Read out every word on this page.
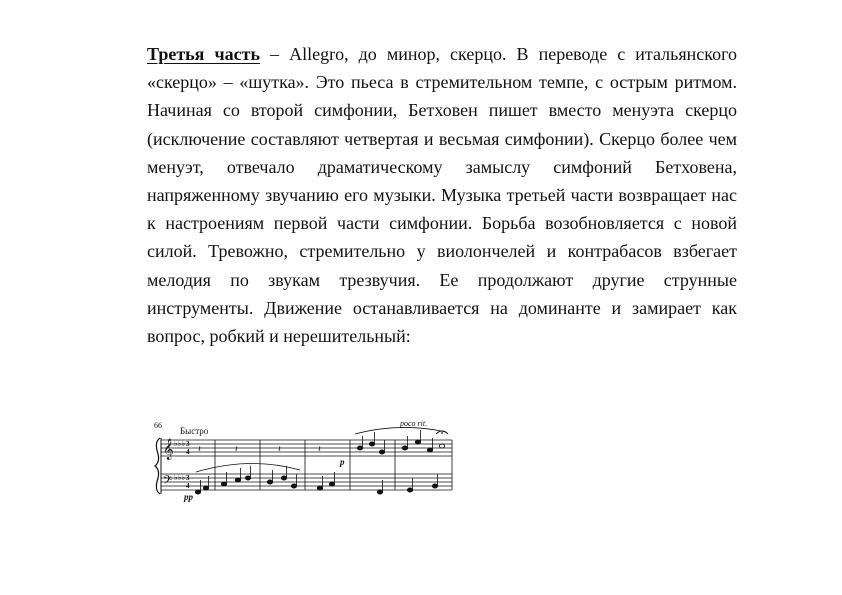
Третья часть – Allegro, до минор, скерцо. В переводе с итальянского «скерцо» – «шутка». Это пьеса в стремительном темпе, с острым ритмом. Начиная со второй симфонии, Бетховен пишет вместо менуэта скерцо (исключение составляют четвертая и весьмая симфонии). Скерцо более чем менуэт, отвечало драматическому замыслу симфоний Бетховена, напряженному звучанию его музыки. Музыка третьей части возвращает нас к настроениям первой части симфонии. Борьба возобновляется с новой силой. Тревожно, стремительно у виолончелей и контрабасов взбегает мелодия по звукам трезвучия. Ее продолжают другие струнные инструменты. Движение останавливается на доминанте и замирает как вопрос, робкий и нерешительный:
66
Быстро
poco rit.
pp
p
𝄞
𝄢
♭♭♭
♭♭♭
3
4
3
4
𝄽	𝄽	𝄽	𝄽
